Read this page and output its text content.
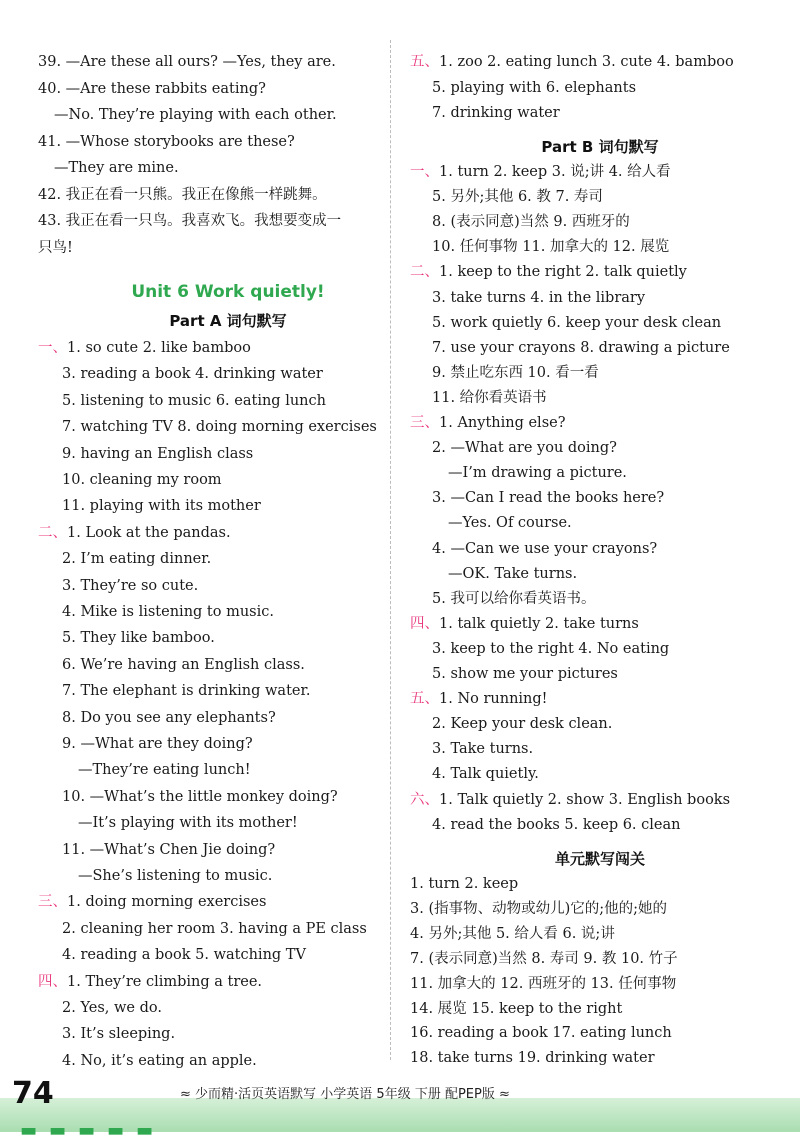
39. —Are these all ours? —Yes, they are.
40. —Are these rabbits eating?
—No. They’re playing with each other.
41. —Whose storybooks are these?
—They are mine.
42. 我正在看一只熊。我正在像熊一样跳舞。
43. 我正在看一只鸟。我喜欢飞。我想要变成一
只鸟!
Unit 6 Work quietly!
Part A 词句默写
一、1. so cute 2. like bamboo
3. reading a book 4. drinking water
5. listening to music 6. eating lunch
7. watching TV 8. doing morning exercises
9. having an English class
10. cleaning my room
11. playing with its mother
二、1. Look at the pandas.
2. I’m eating dinner.
3. They’re so cute.
4. Mike is listening to music.
5. They like bamboo.
6. We’re having an English class.
7. The elephant is drinking water.
8. Do you see any elephants?
9. —What are they doing?
—They’re eating lunch!
10. —What’s the little monkey doing?
—It’s playing with its mother!
11. —What’s Chen Jie doing?
—She’s listening to music.
三、1. doing morning exercises
2. cleaning her room 3. having a PE class
4. reading a book 5. watching TV
四、1. They’re climbing a tree.
2. Yes, we do.
3. It’s sleeping.
4. No, it’s eating an apple.
五、1. zoo 2. eating lunch 3. cute 4. bamboo
5. playing with 6. elephants
7. drinking water
Part B 词句默写
一、1. turn 2. keep 3. 说;讲 4. 给人看
5. 另外;其他 6. 教 7. 寿司
8. (表示同意)当然 9. 西班牙的
10. 任何事物 11. 加拿大的 12. 展览
二、1. keep to the right 2. talk quietly
3. take turns 4. in the library
5. work quietly 6. keep your desk clean
7. use your crayons 8. drawing a picture
9. 禁止吃东西 10. 看一看
11. 给你看英语书
三、1. Anything else?
2. —What are you doing?
—I’m drawing a picture.
3. —Can I read the books here?
—Yes. Of course.
4. —Can we use your crayons?
—OK. Take turns.
5. 我可以给你看英语书。
四、1. talk quietly 2. take turns
3. keep to the right 4. No eating
5. show me your pictures
五、1. No running!
2. Keep your desk clean.
3. Take turns.
4. Talk quietly.
六、1. Talk quietly 2. show 3. English books
4. read the books 5. keep 6. clean
单元默写闯关
1. turn 2. keep
3. (指事物、动物或幼儿)它的;他的;她的
4. 另外;其他 5. 给人看 6. 说;讲
7. (表示同意)当然 8. 寿司 9. 教 10. 竹子
11. 加拿大的 12. 西班牙的 13. 任何事物
14. 展览 15. keep to the right
16. reading a book 17. eating lunch
18. take turns 19. drinking water
▬▬▬▬▬
74	≈ 少而精·活页英语默写 小学英语 5年级 下册 配PEP版 ≈
